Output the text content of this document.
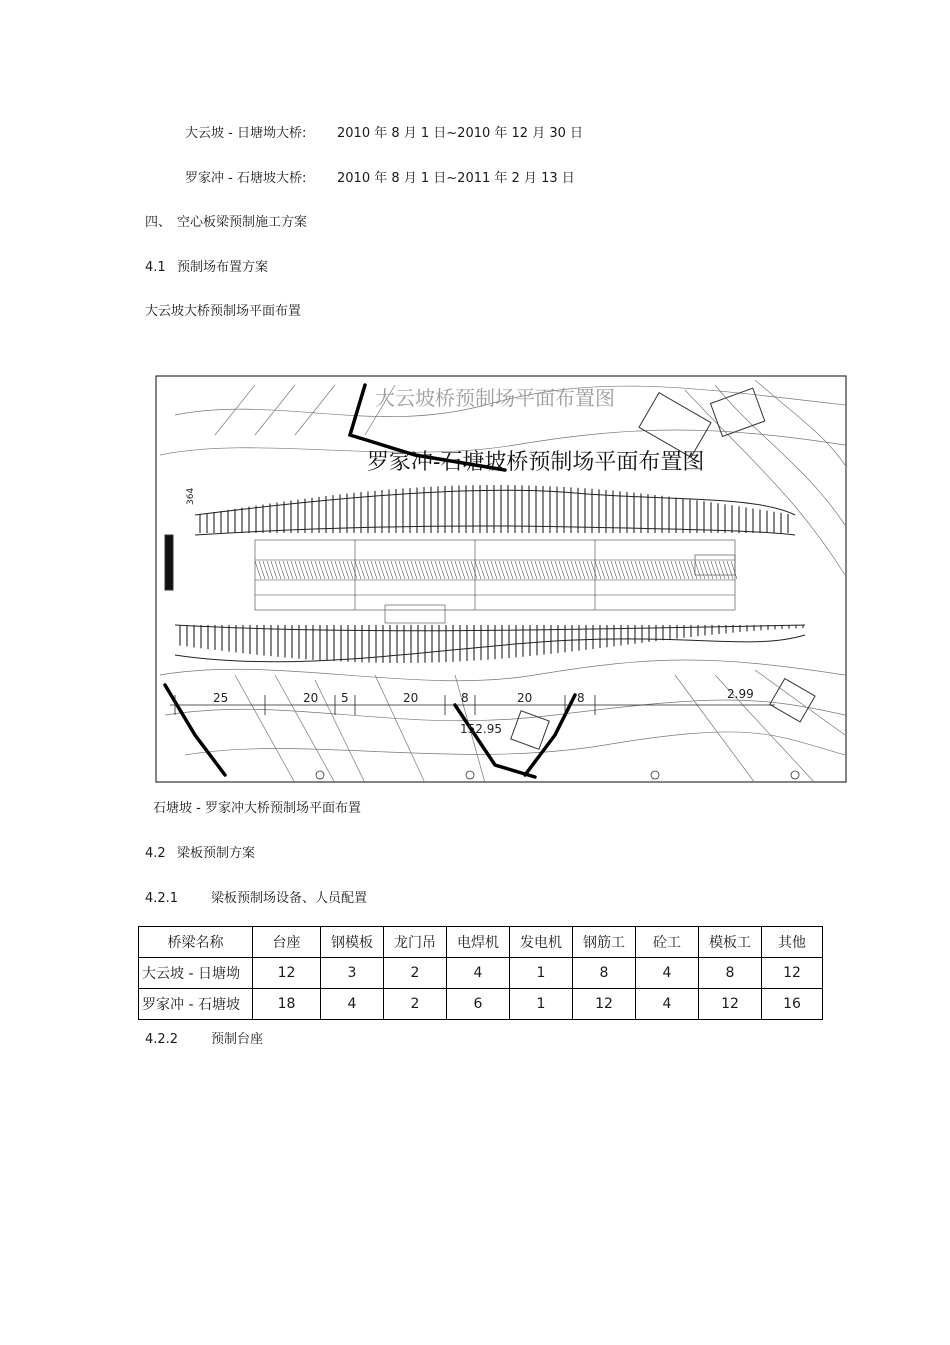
大云坡 - 日塘坳大桥: 2010 年 8 月 1 日~2010 年 12 月 30 日
罗家冲 - 石塘坡大桥: 2010 年 8 月 1 日~2011 年 2 月 13 日
四、 空心板梁预制施工方案
4.1 预制场布置方案
大云坡大桥预制场平面布置
大云坡桥预制场平面布置图
罗家冲-石塘坡桥预制场平面布置图
25	20 5	20	8	20	8
152.95
2.99
364
石塘坡 - 罗家冲大桥预制场平面布置
4.2 梁板预制方案
4.2.1	梁板预制场设备、人员配置
桥梁名称	台座	钢模板	龙门吊	电焊机	发电机	钢筋工	砼工	模板工	其他
大云坡 - 日塘坳	12	3	2	4	1	8	4	8	12
罗家冲 - 石塘坡	18	4	2	6	1	12	4	12	16
4.2.2	预制台座
